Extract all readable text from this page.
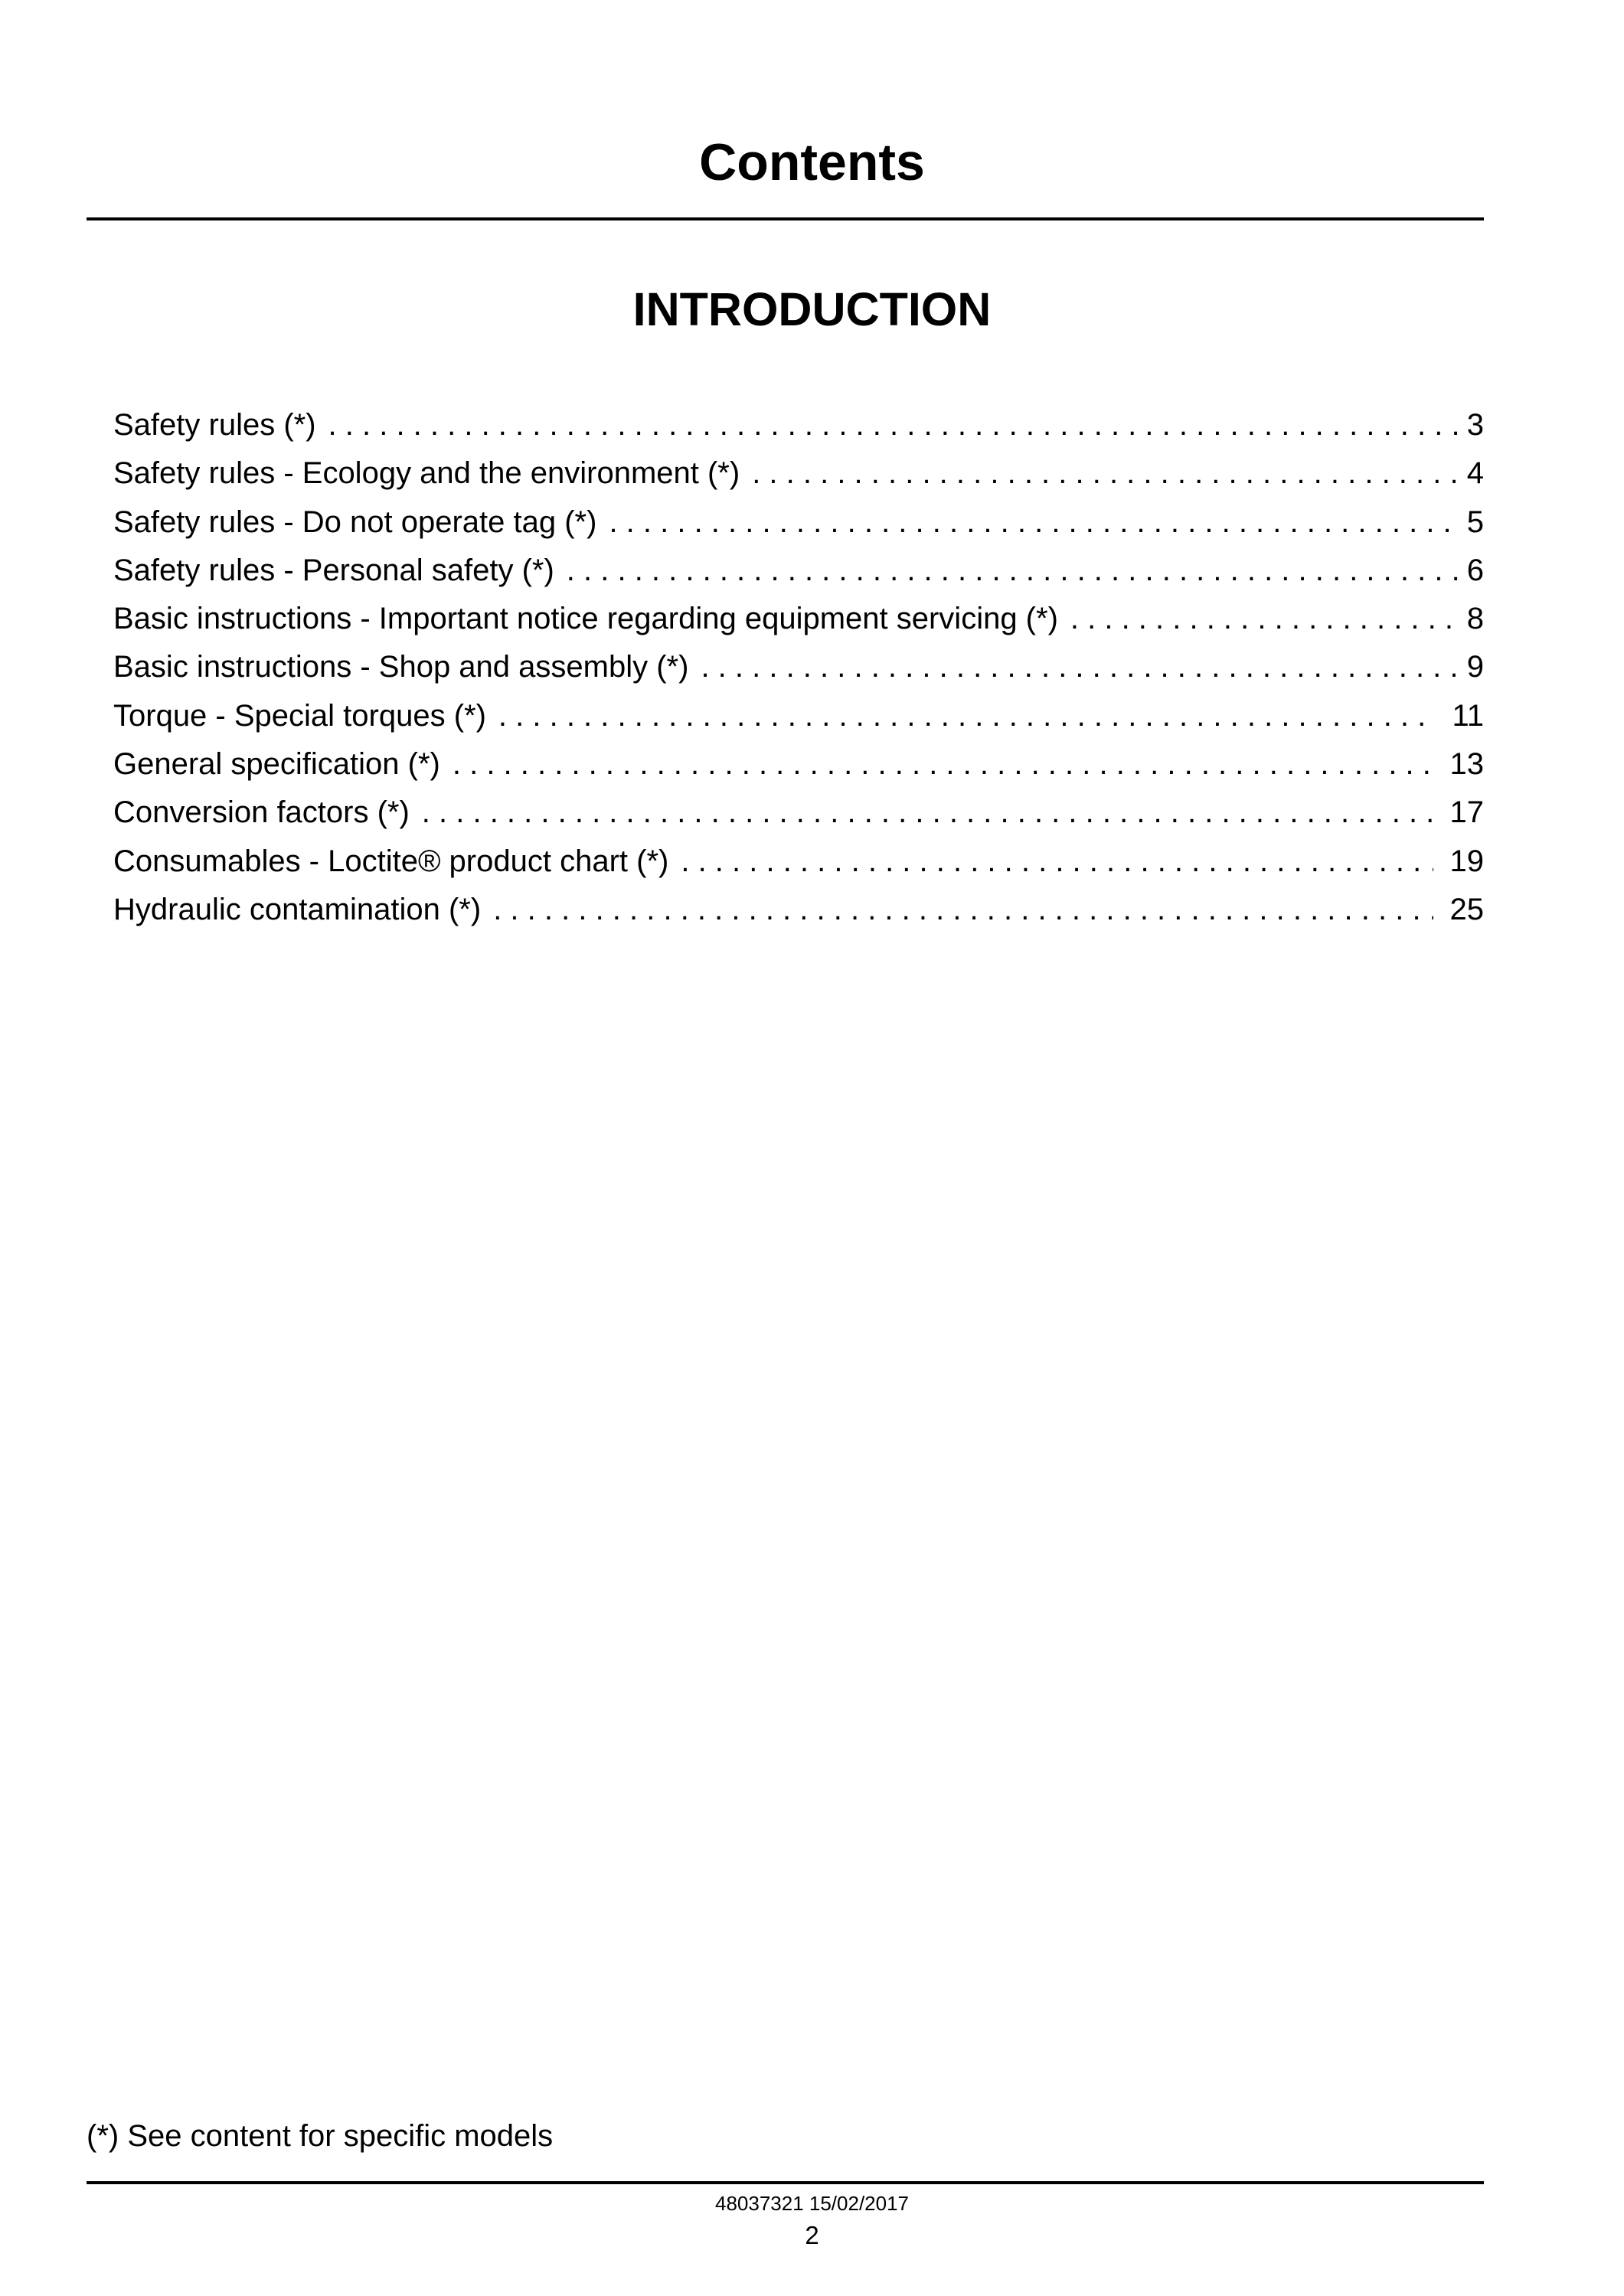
Contents
INTRODUCTION
Safety rules (*) . . .	3
Safety rules - Ecology and the environment (*) . . .	4
Safety rules - Do not operate tag (*) . . .	5
Safety rules - Personal safety (*) . . .	6
Basic instructions - Important notice regarding equipment servicing (*) . . .	8
Basic instructions - Shop and assembly (*) . . .	9
Torque - Special torques (*) . . .	11
General specification (*) . . .	13
Conversion factors (*) . . .	17
Consumables - Loctite® product chart (*) . . .	19
Hydraulic contamination (*) . . .	25
(*) See content for specific models
48037321 15/02/2017
2
